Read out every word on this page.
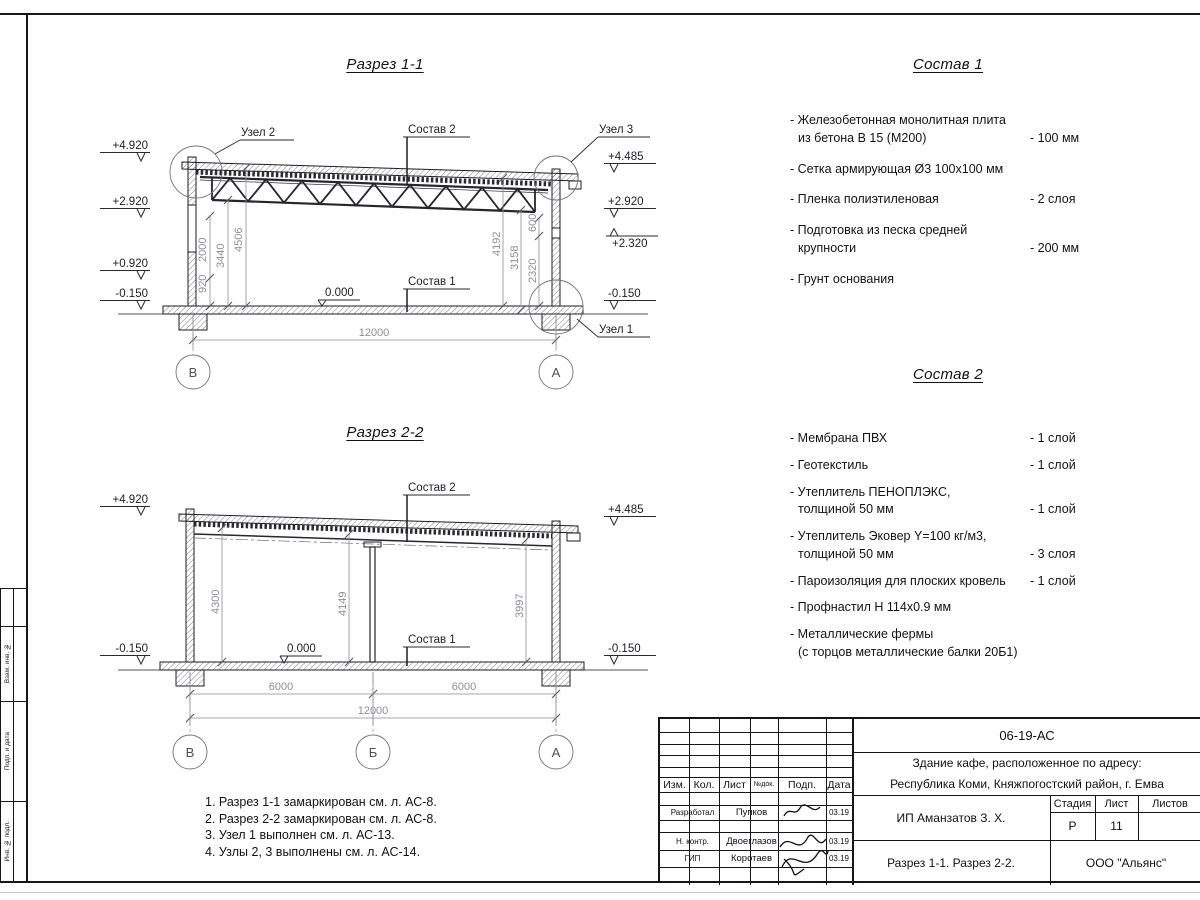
Разрез 1-1
Разрез 2-2
Состав 1
Состав 2
Узел 2	Узел 3
Узел 1
Состав 2
Состав 1
0.000
+4.920
+2.920
+0.920
-0.150
+4.485
+2.920
+2.320
-0.150
920
2000 3440
4506	4192
3158
2320
600
12000
В	А
Состав 2
Состав 1
0.000
+4.920
-0.150
+4.485
-0.150
4300	4149	3997
6000	6000
12000
В	Б	А
- Железобетонная монолитная плита
из бетона В 15 (М200)	- 100 мм
- Сетка армирующая Ø3 100х100 мм
- Пленка полиэтиленовая	- 2 слоя
- Подготовка из песка средней
крупности	- 200 мм
- Грунт основания
- Мембрана ПВХ	- 1 слой
- Геотекстиль	- 1 слой
- Утеплитель ПЕНОПЛЭКС,
толщиной 50 мм	- 1 слой
- Утеплитель Эковер Y=100 кг/м3,
толщиной 50 мм	- 3 слоя
- Пароизоляция для плоских кровель	- 1 слой
- Профнастил Н 114х0.9 мм
- Металлические фермы
(с торцов металлические балки 20Б1)
1. Разрез 1-1 замаркирован см. л. АС-8.
2. Разрез 2-2 замаркирован см. л. АС-8.
3. Узел 1 выполнен см. л. АС-13.
4. Узлы 2, 3 выполнены см. л. АС-14.
Изм. Кол. Лист	№док.	Подп.	Дата
Разработал	Пупков	03.19
Н. контр.	Двоеглазов	03.19
ГИП	Коротаев	03.19
06-19-АС
Здание кафе, расположенное по адресу:
Республика Коми, Княжпогостский район, г. Емва
ИП Аманзатов З. Х.
Стадия	Лист	Листов
Р	11
Разрез 1-1. Разрез 2-2.	ООО "Альянс"
Взам. инв. №
Подп. и дата
Инв. № подл.
